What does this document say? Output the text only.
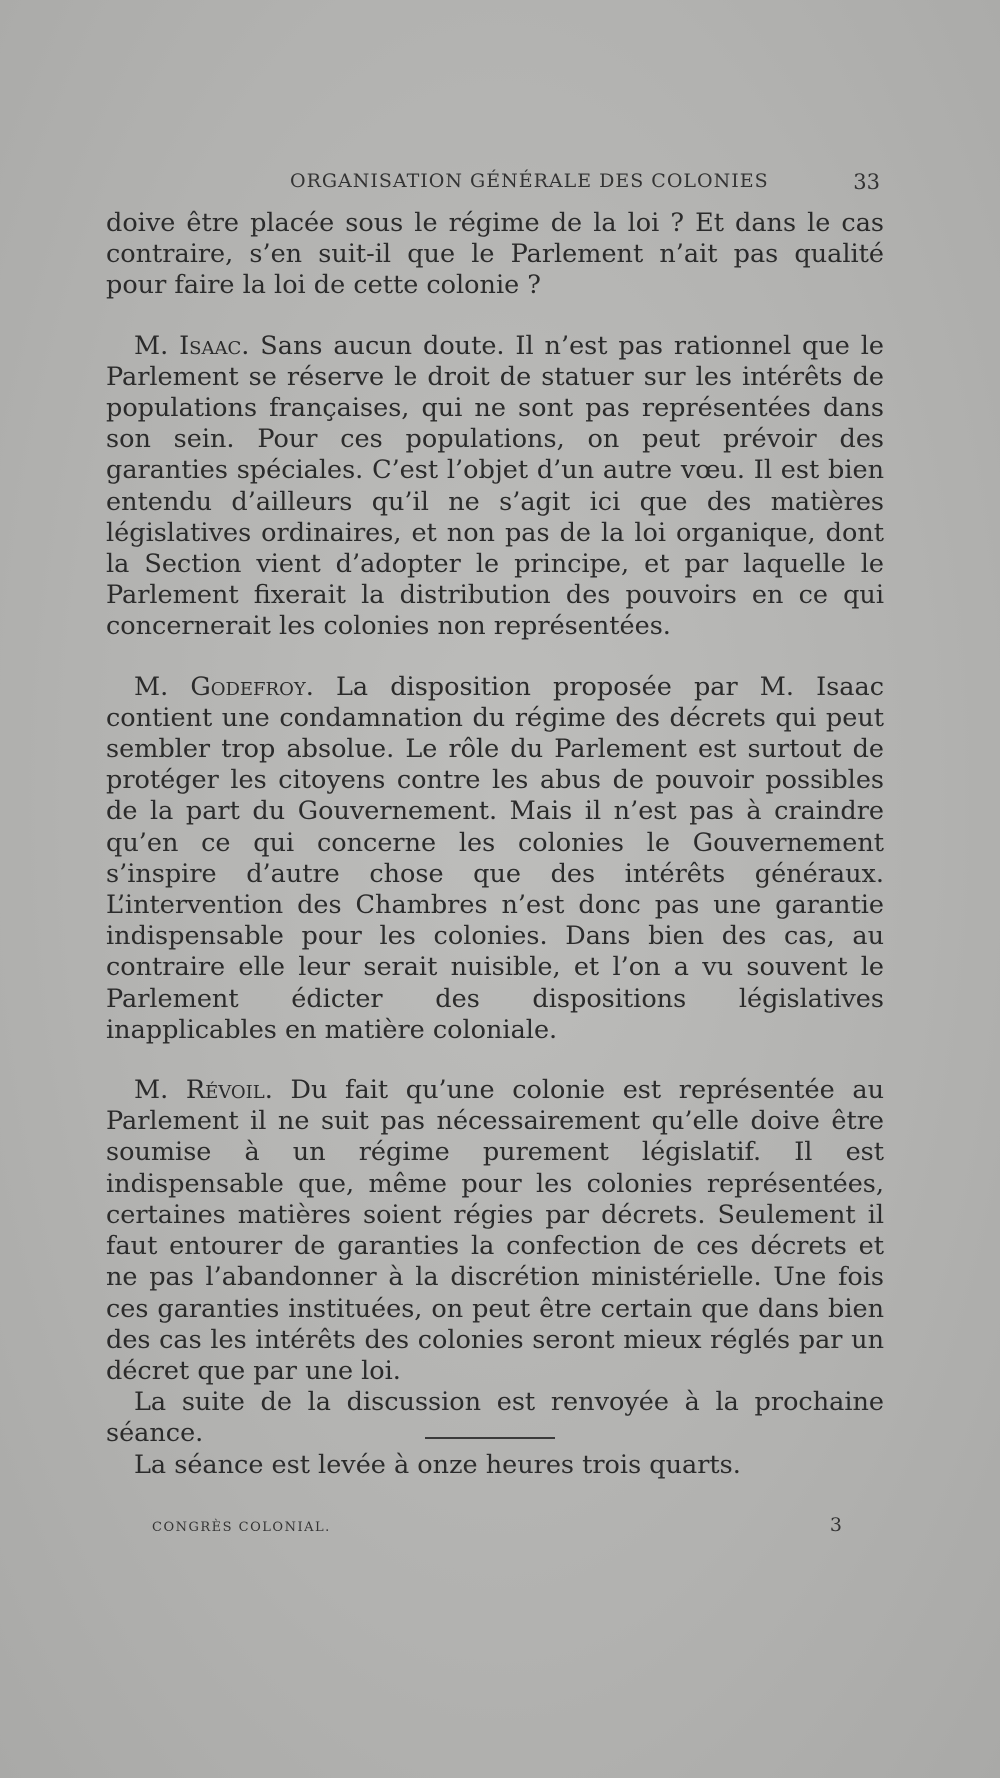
ORGANISATION GÉNÉRALE DES COLONIES	33

doive être placée sous le régime de la loi ? Et dans le cas contraire, s’en suit-il que le Parlement n’ait pas qualité pour faire la loi de cette colonie ?

M. Isaac. Sans aucun doute. Il n’est pas rationnel que le Parlement se réserve le droit de statuer sur les intérêts de populations françaises, qui ne sont pas représentées dans son sein. Pour ces populations, on peut prévoir des garanties spéciales. C’est l’objet d’un autre vœu. Il est bien entendu d’ailleurs qu’il ne s’agit ici que des matières législatives ordinaires, et non pas de la loi organique, dont la Section vient d’adopter le principe, et par laquelle le Parlement fixerait la distribution des pouvoirs en ce qui concernerait les colonies non représentées.

M. Godefroy. La disposition proposée par M. Isaac contient une condamnation du régime des décrets qui peut sembler trop absolue. Le rôle du Parlement est surtout de protéger les citoyens contre les abus de pouvoir possibles de la part du Gouvernement. Mais il n’est pas à craindre qu’en ce qui concerne les colonies le Gouvernement s’inspire d’autre chose que des intérêts généraux. L’intervention des Chambres n’est donc pas une garantie indispensable pour les colonies. Dans bien des cas, au contraire elle leur serait nuisible, et l’on a vu souvent le Parlement édicter des dispositions législatives inapplicables en matière coloniale.

M. Révoil. Du fait qu’une colonie est représentée au Parlement il ne suit pas nécessairement qu’elle doive être soumise à un régime purement législatif. Il est indispensable que, même pour les colonies représentées, certaines matières soient régies par décrets. Seulement il faut entourer de garanties la confection de ces décrets et ne pas l’abandonner à la discrétion ministérielle. Une fois ces garanties instituées, on peut être certain que dans bien des cas les intérêts des colonies seront mieux réglés par un décret que par une loi.

La suite de la discussion est renvoyée à la prochaine séance.

La séance est levée à onze heures trois quarts.

CONGRÈS COLONIAL.	3
